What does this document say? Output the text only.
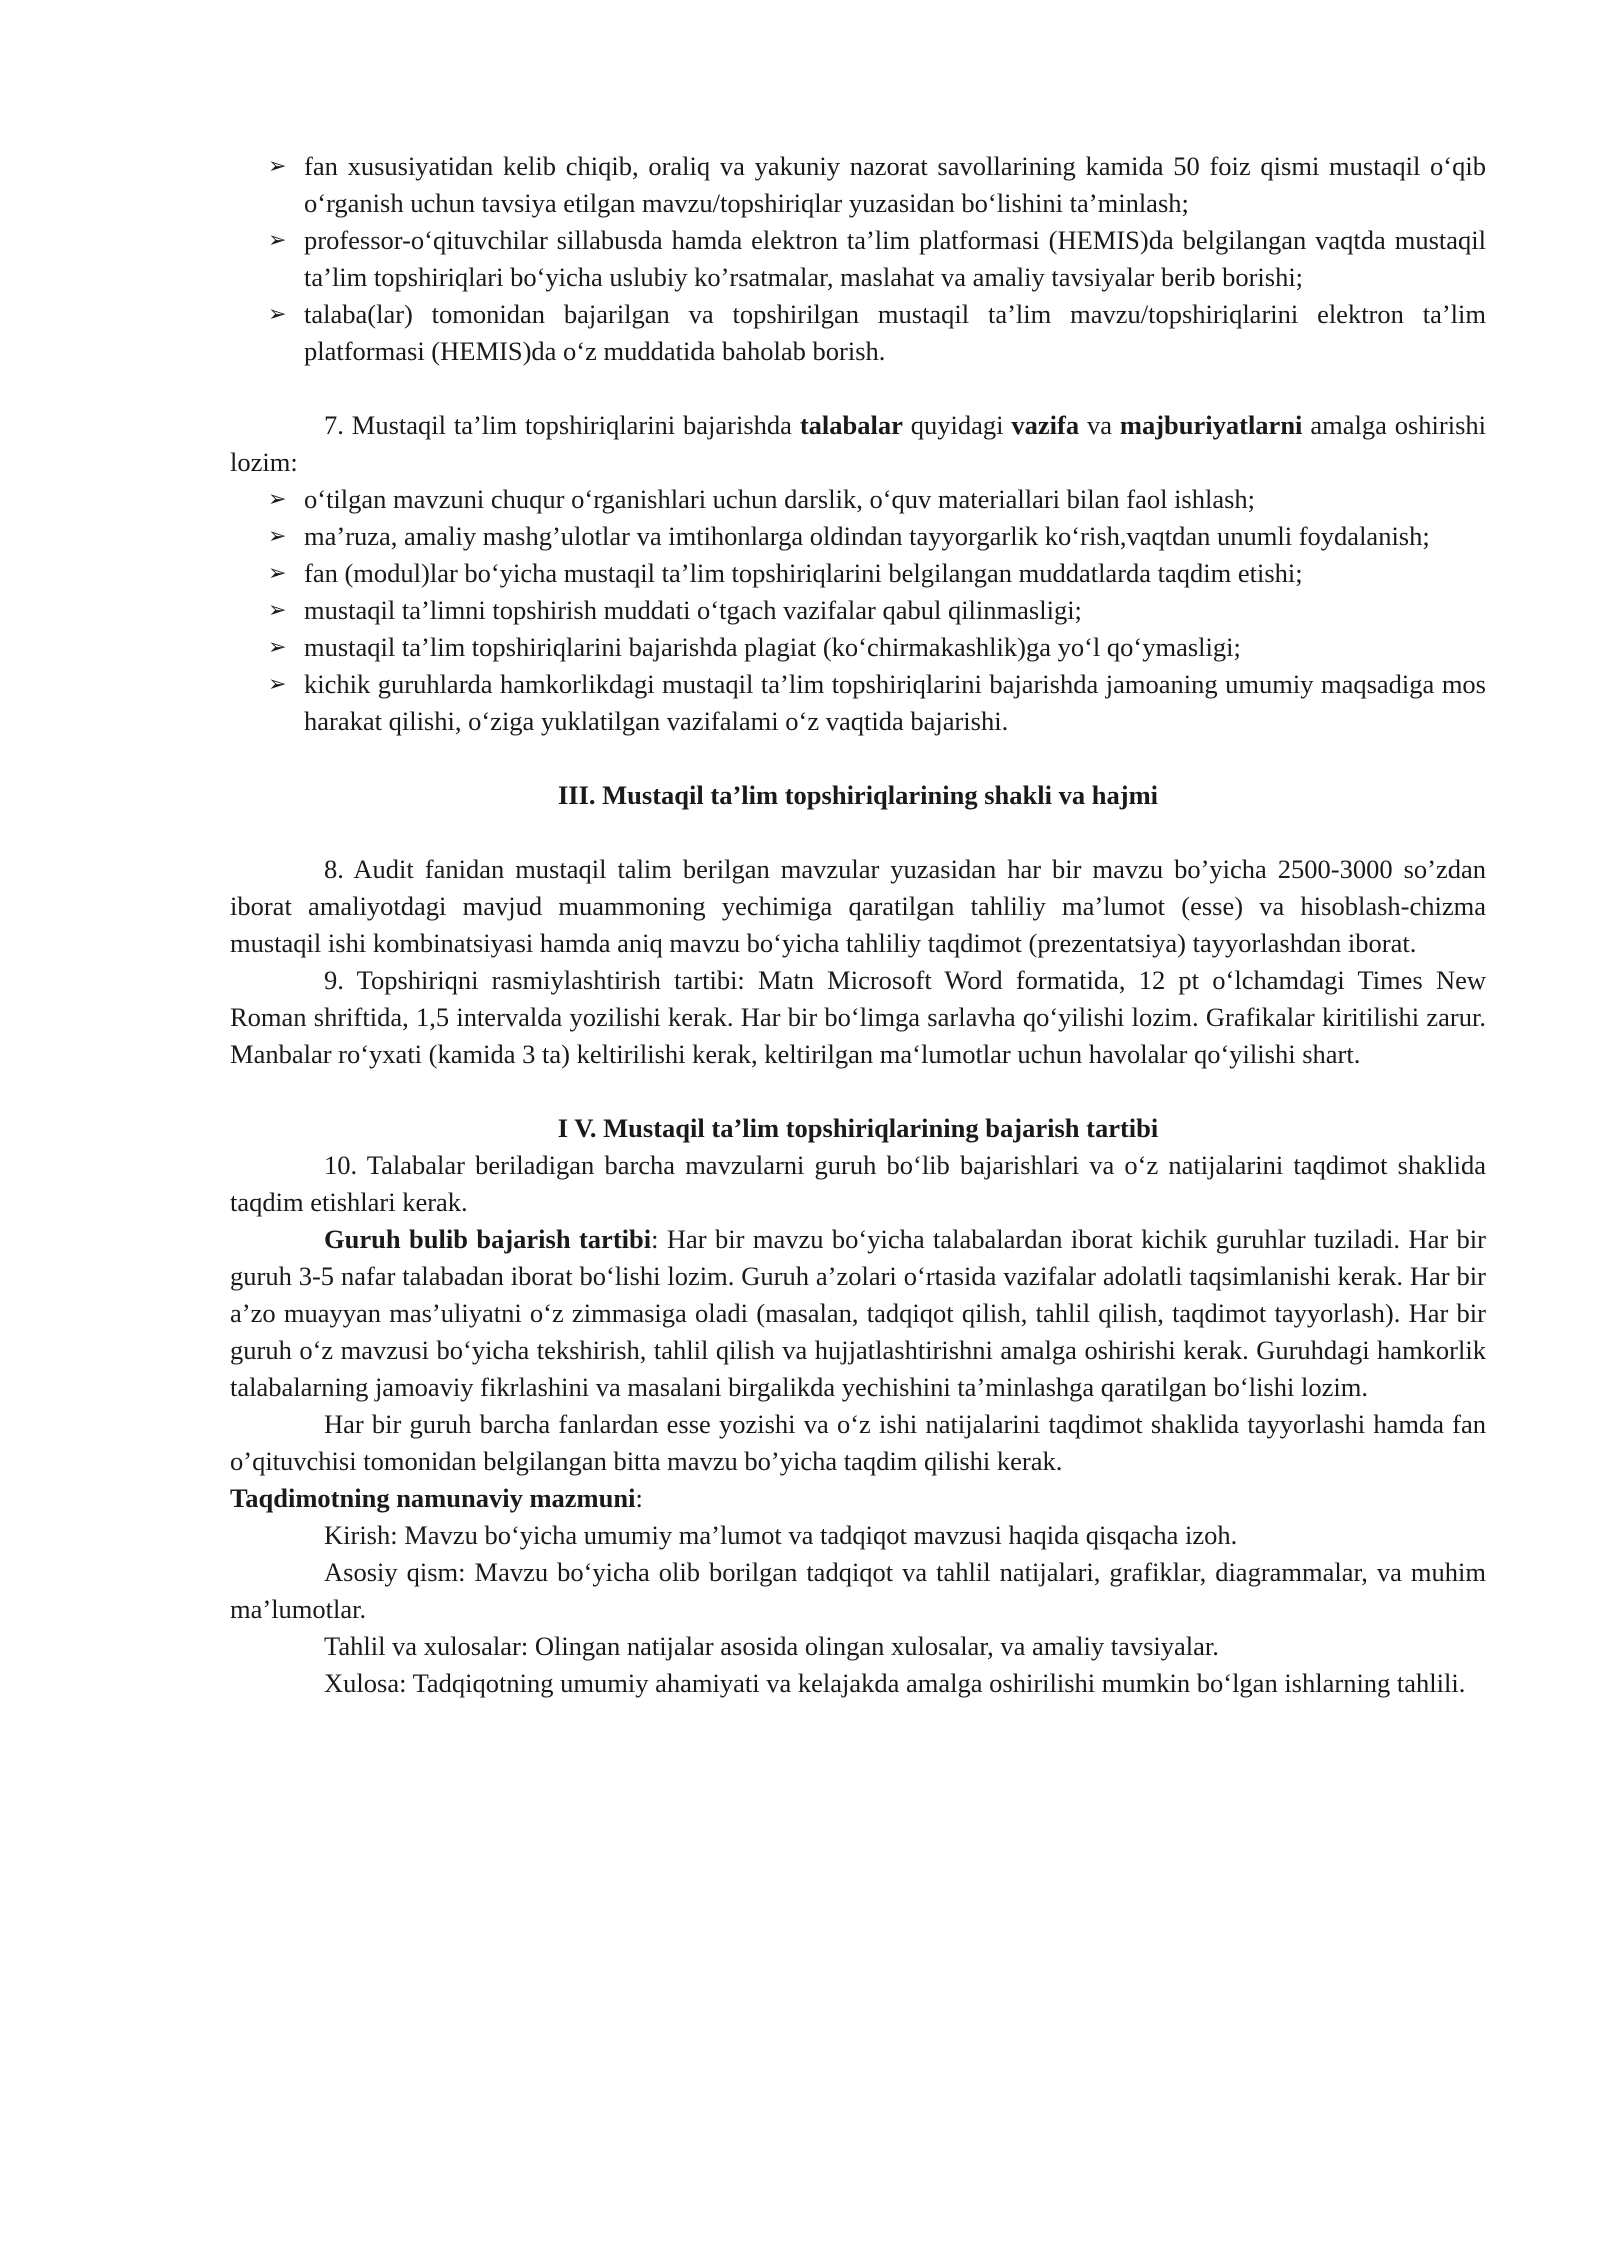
➢ fan xususiyatidan kelib chiqib, oraliq va yakuniy nazorat savollarining kamida 50 foiz qismi mustaqil o‘qib o‘rganish uchun tavsiya etilgan mavzu/topshiriqlar yuzasidan bo‘lishini ta’minlash;
➢ professor-o‘qituvchilar sillabusda hamda elektron ta’lim platformasi (HEMIS)da belgilangan vaqtda mustaqil ta’lim topshiriqlari bo‘yicha uslubiy ko’rsatmalar, maslahat va amaliy tavsiyalar berib borishi;
➢ talaba(lar) tomonidan bajarilgan va topshirilgan mustaqil ta’lim mavzu/topshiriqlarini elektron ta’lim platformasi (HEMIS)da o‘z muddatida baholab borish.

7. Mustaqil ta’lim topshiriqlarini bajarishda talabalar quyidagi vazifa va majburiyatlarni amalga oshirishi lozim:

➢ o‘tilgan mavzuni chuqur o‘rganishlari uchun darslik, o‘quv materiallari bilan faol ishlash;
➢ ma’ruza, amaliy mashg’ulotlar va imtihonlarga oldindan tayyorgarlik ko‘rish,vaqtdan unumli foydalanish;
➢ fan (modul)lar bo‘yicha mustaqil ta’lim topshiriqlarini belgilangan muddatlarda taqdim etishi;
➢ mustaqil ta’limni topshirish muddati o‘tgach vazifalar qabul qilinmasligi;
➢ mustaqil ta’lim topshiriqlarini bajarishda plagiat (ko‘chirmakashlik)ga yo‘l qo‘ymasligi;
➢ kichik guruhlarda hamkorlikdagi mustaqil ta’lim topshiriqlarini bajarishda jamoaning umumiy maqsadiga mos harakat qilishi, o‘ziga yuklatilgan vazifalami o‘z vaqtida bajarishi.

III. Mustaqil ta’lim topshiriqlarining shakli va hajmi

8. Audit fanidan mustaqil talim berilgan mavzular yuzasidan har bir mavzu bo’yicha 2500-3000 so’zdan iborat amaliyotdagi mavjud muammoning yechimiga qaratilgan tahliliy ma’lumot (esse) va hisoblash-chizma mustaqil ishi kombinatsiyasi hamda aniq mavzu bo‘yicha tahliliy taqdimot (prezentatsiya) tayyorlashdan iborat.

9. Topshiriqni rasmiylashtirish tartibi: Matn Microsoft Word formatida, 12 pt o‘lchamdagi Times New Roman shriftida, 1,5 intervalda yozilishi kerak. Har bir bo‘limga sarlavha qo‘yilishi lozim. Grafikalar kiritilishi zarur. Manbalar ro‘yxati (kamida 3 ta) keltirilishi kerak, keltirilgan ma‘lumotlar uchun havolalar qo‘yilishi shart.

I V. Mustaqil ta’lim topshiriqlarining bajarish tartibi

10. Talabalar beriladigan barcha mavzularni guruh bo‘lib bajarishlari va o‘z natijalarini taqdimot shaklida taqdim etishlari kerak.

Guruh bulib bajarish tartibi: Har bir mavzu bo‘yicha talabalardan iborat kichik guruhlar tuziladi. Har bir guruh 3-5 nafar talabadan iborat bo‘lishi lozim. Guruh a’zolari o‘rtasida vazifalar adolatli taqsimlanishi kerak. Har bir a’zo muayyan mas’uliyatni o‘z zimmasiga oladi (masalan, tadqiqot qilish, tahlil qilish, taqdimot tayyorlash). Har bir guruh o‘z mavzusi bo‘yicha tekshirish, tahlil qilish va hujjatlashtirishni amalga oshirishi kerak. Guruhdagi hamkorlik talabalarning jamoaviy fikrlashini va masalani birgalikda yechishini ta’minlashga qaratilgan bo‘lishi lozim.

Har bir guruh barcha fanlardan esse yozishi va o‘z ishi natijalarini taqdimot shaklida tayyorlashi hamda fan o’qituvchisi tomonidan belgilangan bitta mavzu bo’yicha taqdim qilishi kerak.

Taqdimotning namunaviy mazmuni:

Kirish: Mavzu bo‘yicha umumiy ma’lumot va tadqiqot mavzusi haqida qisqacha izoh.

Asosiy qism: Mavzu bo‘yicha olib borilgan tadqiqot va tahlil natijalari, grafiklar, diagrammalar, va muhim ma’lumotlar.

Tahlil va xulosalar: Olingan natijalar asosida olingan xulosalar, va amaliy tavsiyalar.

Xulosa: Tadqiqotning umumiy ahamiyati va kelajakda amalga oshirilishi mumkin bo‘lgan ishlarning tahlili.
